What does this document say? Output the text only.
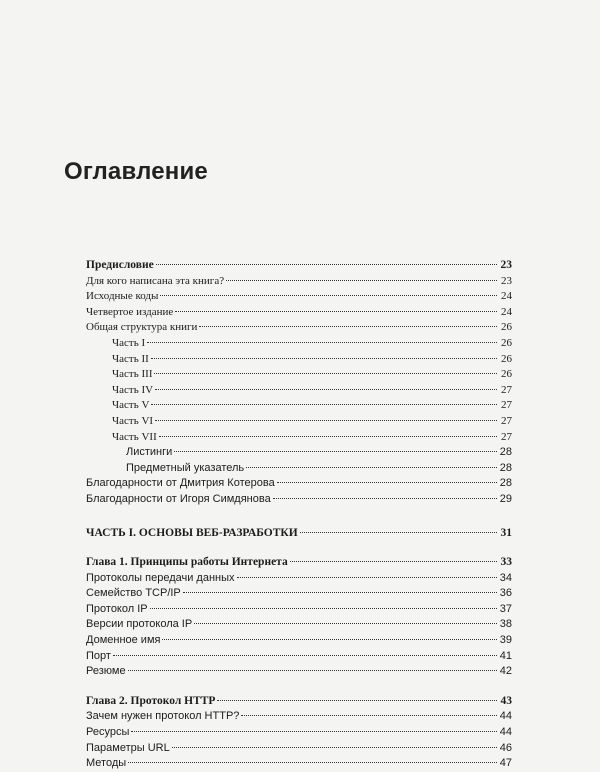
Оглавление
Предисловие	23
Для кого написана эта книга?	23
Исходные коды	24
Четвертое издание	24
Общая структура книги	26
Часть I	26
Часть II	26
Часть III	26
Часть IV	27
Часть V	27
Часть VI	27
Часть VII	27
Листинги	28
Предметный указатель	28
Благодарности от Дмитрия Котерова	28
Благодарности от Игоря Симдянова	29
ЧАСТЬ I. ОСНОВЫ ВЕБ-РАЗРАБОТКИ	31
Глава 1. Принципы работы Интернета	33
Протоколы передачи данных	34
Семейство TCP/IP	36
Протокол IP	37
Версии протокола IP	38
Доменное имя	39
Порт	41
Резюме	42
Глава 2. Протокол HTTP	43
Зачем нужен протокол HTTP?	44
Ресурсы	44
Параметры URL	46
Методы	47
